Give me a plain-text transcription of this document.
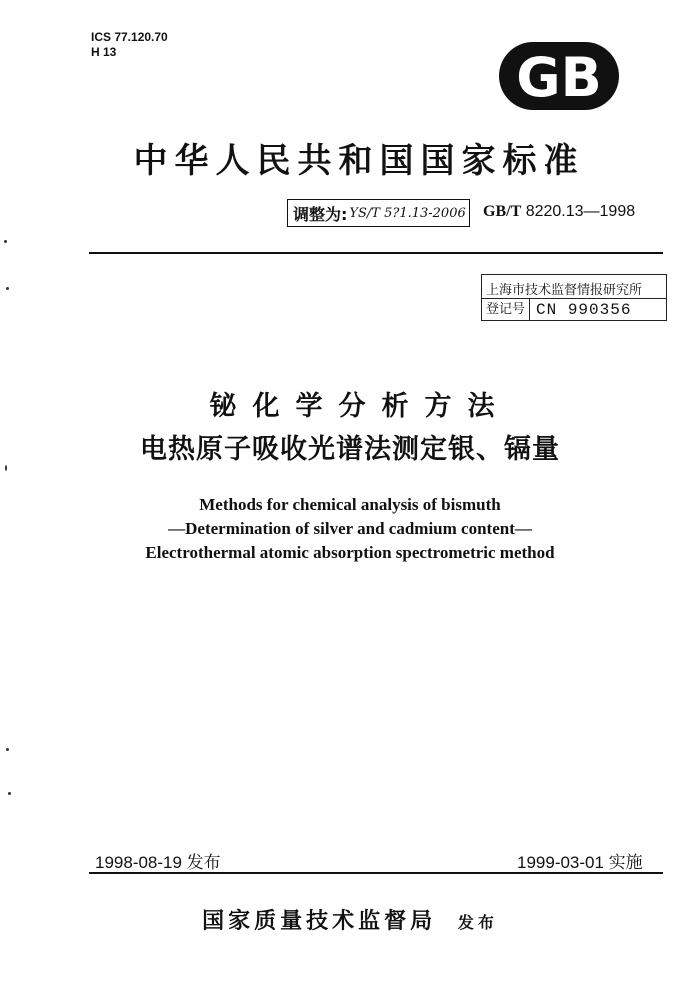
ICS 77.120.70
H 13	GB
中华人民共和国国家标准
调整为: YS/T 5?1.13-2006 GB/T 8220.13—1998
上海市技术监督情报研究所
登记号 CN 990356
铋化学分析方法
电热原子吸收光谱法测定银、镉量
Methods for chemical analysis of bismuth
—Determination of silver and cadmium content—
Electrothermal atomic absorption spectrometric method
1998-08-19 发布	1999-03-01 实施
国家质量技术监督局 发布
